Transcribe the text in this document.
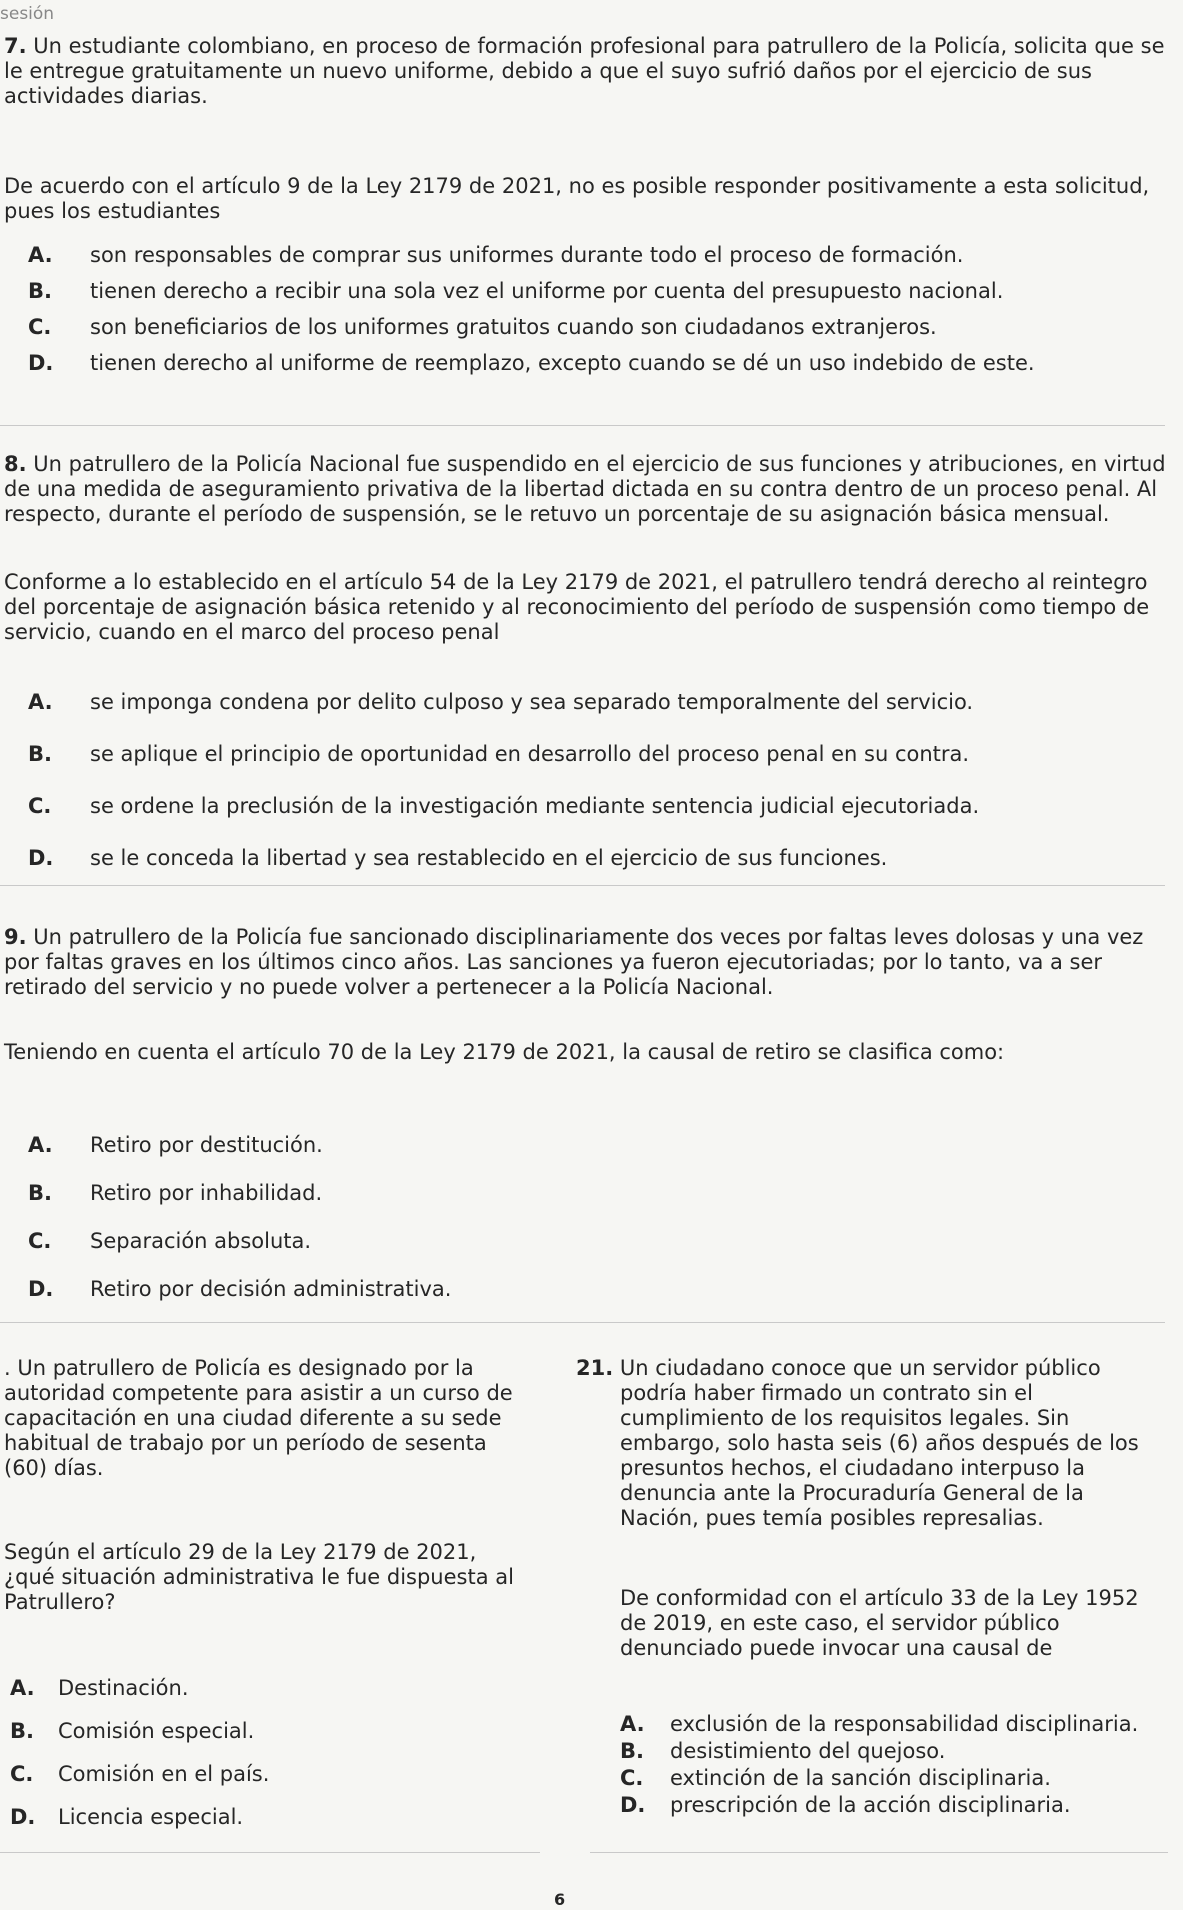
sesión

7. Un estudiante colombiano, en proceso de formación profesional para patrullero de la Policía, solicita que se le entregue gratuitamente un nuevo uniforme, debido a que el suyo sufrió daños por el ejercicio de sus actividades diarias.

De acuerdo con el artículo 9 de la Ley 2179 de 2021, no es posible responder positivamente a esta solicitud, pues los estudiantes

A.	son responsables de comprar sus uniformes durante todo el proceso de formación.
B.	tienen derecho a recibir una sola vez el uniforme por cuenta del presupuesto nacional.
C.	son beneficiarios de los uniformes gratuitos cuando son ciudadanos extranjeros.
D.	tienen derecho al uniforme de reemplazo, excepto cuando se dé un uso indebido de este.

8. Un patrullero de la Policía Nacional fue suspendido en el ejercicio de sus funciones y atribuciones, en virtud de una medida de aseguramiento privativa de la libertad dictada en su contra dentro de un proceso penal. Al respecto, durante el período de suspensión, se le retuvo un porcentaje de su asignación básica mensual.

Conforme a lo establecido en el artículo 54 de la Ley 2179 de 2021, el patrullero tendrá derecho al reintegro del porcentaje de asignación básica retenido y al reconocimiento del período de suspensión como tiempo de servicio, cuando en el marco del proceso penal

A.	se imponga condena por delito culposo y sea separado temporalmente del servicio.
B.	se aplique el principio de oportunidad en desarrollo del proceso penal en su contra.
C.	se ordene la preclusión de la investigación mediante sentencia judicial ejecutoriada.
D.	se le conceda la libertad y sea restablecido en el ejercicio de sus funciones.

9. Un patrullero de la Policía fue sancionado disciplinariamente dos veces por faltas leves dolosas y una vez por faltas graves en los últimos cinco años. Las sanciones ya fueron ejecutoriadas; por lo tanto, va a ser retirado del servicio y no puede volver a pertenecer a la Policía Nacional.

Teniendo en cuenta el artículo 70 de la Ley 2179 de 2021, la causal de retiro se clasifica como:

A.	Retiro por destitución.
B.	Retiro por inhabilidad.
C.	Separación absoluta.
D.	Retiro por decisión administrativa.

. Un patrullero de Policía es designado por la autoridad competente para asistir a un curso de capacitación en una ciudad diferente a su sede habitual de trabajo por un período de sesenta (60) días.

Según el artículo 29 de la Ley 2179 de 2021, ¿qué situación administrativa le fue dispuesta al Patrullero?

A.	Destinación.
B.	Comisión especial.
C.	Comisión en el país.
D.	Licencia especial.

21. Un ciudadano conoce que un servidor público podría haber firmado un contrato sin el cumplimiento de los requisitos legales. Sin embargo, solo hasta seis (6) años después de los presuntos hechos, el ciudadano interpuso la denuncia ante la Procuraduría General de la Nación, pues temía posibles represalias.

De conformidad con el artículo 33 de la Ley 1952 de 2019, en este caso, el servidor público denunciado puede invocar una causal de

A.	exclusión de la responsabilidad disciplinaria.
B.	desistimiento del quejoso.
C.	extinción de la sanción disciplinaria.
D.	prescripción de la acción disciplinaria.
6
